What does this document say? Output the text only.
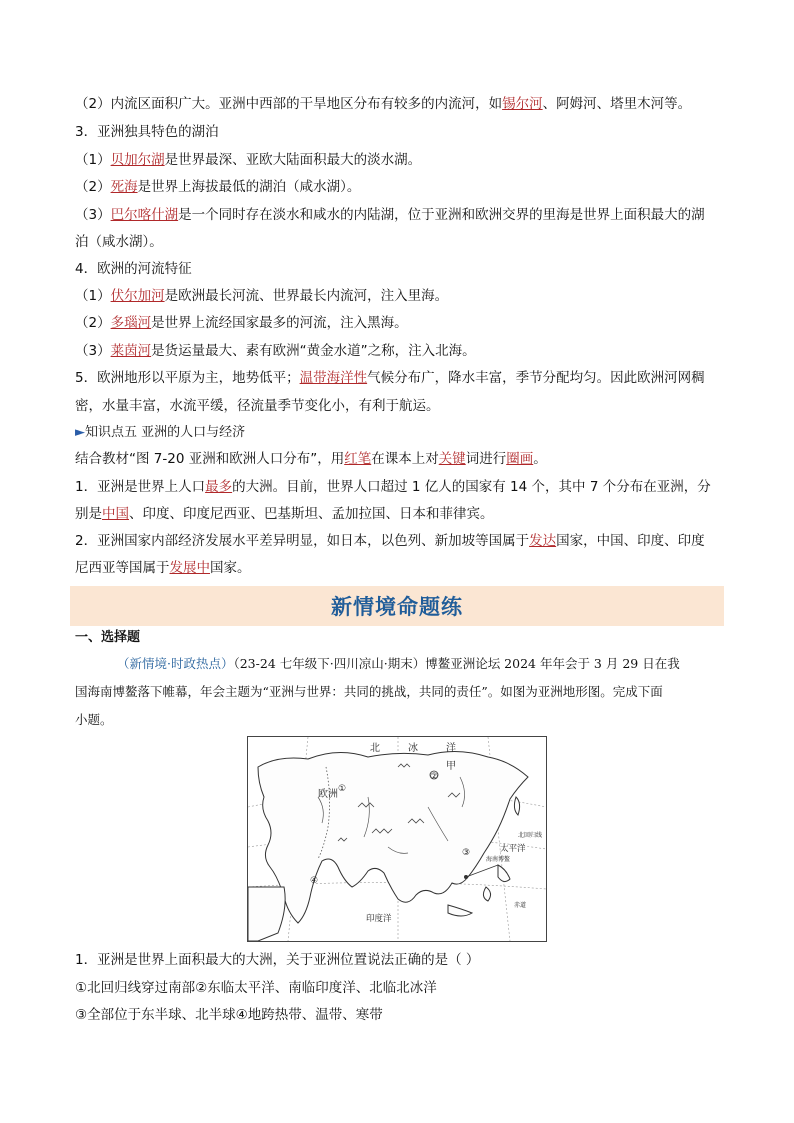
（2）内流区面积广大。亚洲中西部的干旱地区分布有较多的内流河，如锡尔河、阿姆河、塔里木河等。
3．亚洲独具特色的湖泊
（1）贝加尔湖是世界最深、亚欧大陆面积最大的淡水湖。
（2）死海是世界上海拔最低的湖泊（咸水湖）。
（3）巴尔喀什湖是一个同时存在淡水和咸水的内陆湖，位于亚洲和欧洲交界的里海是世界上面积最大的湖
泊（咸水湖）。
4．欧洲的河流特征
（1）伏尔加河是欧洲最长河流、世界最长内流河，注入里海。
（2）多瑙河是世界上流经国家最多的河流，注入黑海。
（3）莱茵河是货运量最大、素有欧洲“黄金水道”之称，注入北海。
5．欧洲地形以平原为主，地势低平；温带海洋性气候分布广，降水丰富，季节分配均匀。因此欧洲河网稠
密，水量丰富，水流平缓，径流量季节变化小，有利于航运。
►知识点五 亚洲的人口与经济
结合教材“图 7-20 亚洲和欧洲人口分布”，用红笔在课本上对关键词进行圈画。
1．亚洲是世界上人口最多的大洲。目前，世界人口超过 1 亿人的国家有 14 个，其中 7 个分布在亚洲，分
别是中国、印度、印度尼西亚、巴基斯坦、孟加拉国、日本和菲律宾。
2．亚洲国家内部经济发展水平差异明显，如日本，以色列、新加坡等国属于发达国家，中国、印度、印度
尼西亚等国属于发展中国家。
新情境命题练
一、选择题
（新情境·时政热点）（23-24 七年级下·四川凉山·期末）博鳌亚洲论坛 2024 年年会于 3 月 29 日在我
国海南博鳌落下帷幕，年会主题为“亚洲与世界：共同的挑战，共同的责任”。如图为亚洲地形图。完成下面
小题。
北	冰	洋
欧洲
甲
太平洋
印度洋
海南博鳌
赤道
北回归线
①
②
③
④
1．亚洲是世界上面积最大的大洲，关于亚洲位置说法正确的是（ ）
①北回归线穿过南部②东临太平洋、南临印度洋、北临北冰洋
③全部位于东半球、北半球④地跨热带、温带、寒带
